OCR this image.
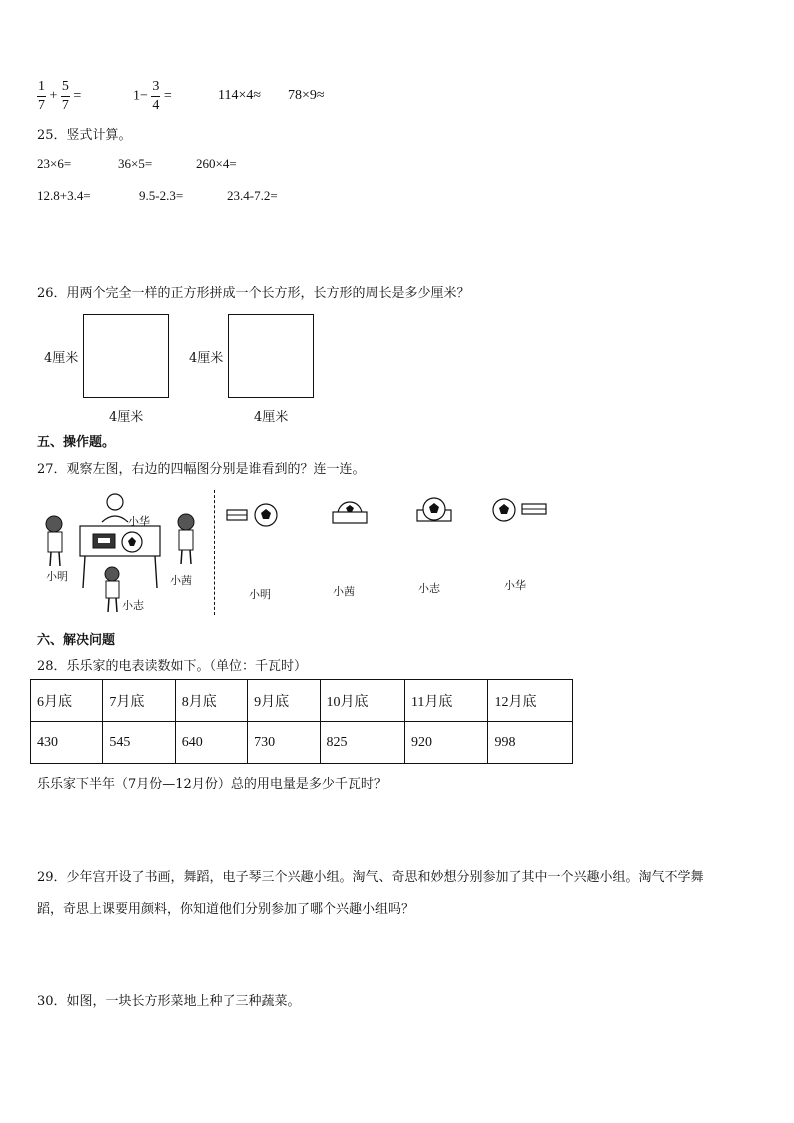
$\frac{1}{7} + \frac{5}{7}$ =	$1- \frac{3}{4}$ =	114×4≈ 78×9≈
25．竖式计算。
23×6=	36×5=	260×4=
12.8+3.4=	9.5-2.3=	23.4-7.2=
26．用两个完全一样的正方形拼成一个长方形，长方形的周长是多少厘米？
4厘米	4厘米
4厘米	4厘米
五、操作题。
27．观察左图，右边的四幅图分别是谁看到的？连一连。
小华
小明	小茜
小志
小明	小茜	小志	小华
六、解决问题
28．乐乐家的电表读数如下。（单位：千瓦时）
6月底	7月底	8月底	9月底	10月底	11月底	12月底
430	545	640	730	825	920	998
乐乐家下半年（7月份—12月份）总的用电量是多少千瓦时？
29．少年宫开设了书画，舞蹈，电子琴三个兴趣小组。淘气、奇思和妙想分别参加了其中一个兴趣小组。淘气不学舞
蹈，奇思上课要用颜料，你知道他们分别参加了哪个兴趣小组吗？
30．如图，一块长方形菜地上种了三种蔬菜。
